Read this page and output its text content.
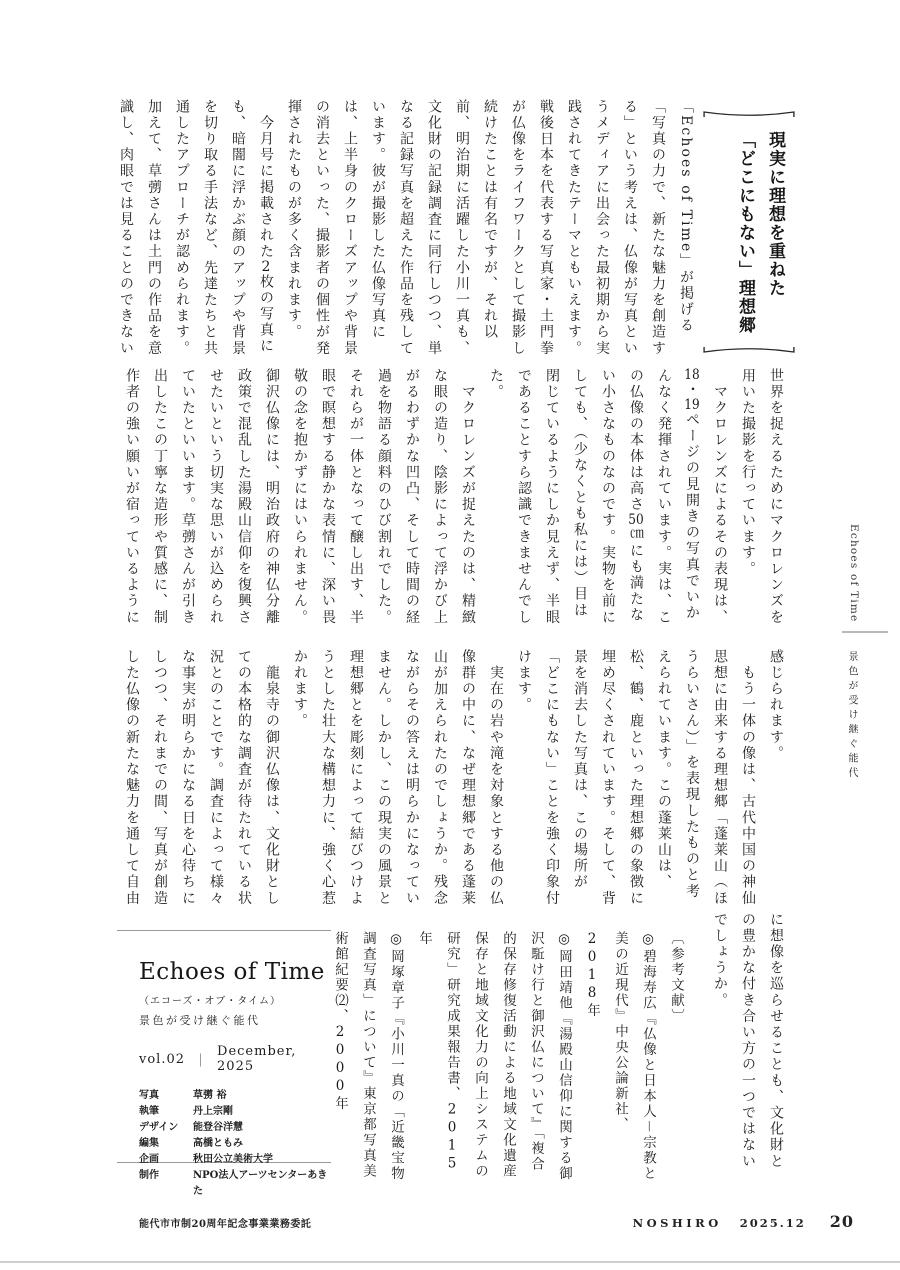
現実に理想を重ねた

「どこにもない」理想郷

「Echoes of Time」が掲げる「写真の力で、新たな魅力を創造する」という考えは、仏像が写真というメディアに出会った最初期から実践されてきたテーマともいえます。戦後日本を代表する写真家・土門拳が仏像をライフワークとして撮影し続けたことは有名ですが、それ以前、明治期に活躍した小川一真も、文化財の記録調査に同行しつつ、単なる記録写真を超えた作品を残しています。彼が撮影した仏像写真には、上半身のクローズアップや背景の消去といった、撮影者の個性が発揮されたものが多く含まれます。

　今月号に掲載された2枚の写真にも、暗闇に浮かぶ顔のアップや背景を切り取る手法など、先達たちと共通したアプローチが認められます。加えて、草彅さんは土門の作品を意識し、肉眼では見ることのできない

世界を捉えるためにマクロレンズを用いた撮影を行っています。

　マクロレンズによるその表現は、18・19ページの見開きの写真でいかんなく発揮されています。実は、この仏像の本体は高さ50㎝にも満たない小さなものなのです。実物を前にしても、（少なくとも私には）目は閉じているようにしか見えず、半眼であることすら認識できませんでした。

　マクロレンズが捉えたのは、精緻な眼の造り、陰影によって浮かび上がるわずかな凹凸、そして時間の経過を物語る顔料のひび割れでした。それらが一体となって醸し出す、半眼で瞑想する静かな表情に、深い畏敬の念を抱かずにはいられません。御沢仏像には、明治政府の神仏分離政策で混乱した湯殿山信仰を復興させたいという切実な思いが込められていたといいます。草彅さんが引き出したこの丁寧な造形や質感に、制作者の強い願いが宿っているように

感じられます。

　もう一体の像は、古代中国の神仙思想に由来する理想郷「蓬莱山（ほうらいさん）」を表現したものと考えられています。この蓬莱山は、松、鶴、鹿といった理想郷の象徴に埋め尽くされています。そして、背景を消去した写真は、この場所が「どこにもない」ことを強く印象付けます。

　実在の岩や滝を対象とする他の仏像群の中に、なぜ理想郷である蓬莱山が加えられたのでしょうか。残念ながらその答えは明らかになっていません。しかし、この現実の風景と理想郷とを彫刻によって結びつけようとした壮大な構想力に、強く心惹かれます。

　龍泉寺の御沢仏像は、文化財としての本格的な調査が待たれている状況とのことです。調査によって様々な事実が明らかになる日を心待ちにしつつ、それまでの間、写真が創造した仏像の新たな魅力を通して自由

に想像を巡らせることも、文化財との豊かな付き合い方の一つではないでしょうか。

〔参考文献〕

◎碧海寿広『仏像と日本人－宗教と美の近現代』中央公論新社、2018年

◎岡田靖他『湯殿山信仰に関する御沢駈け行と御沢仏について』「複合的保存修復活動による地域文化遺産保存と地域文化力の向上システムの研究」研究成果報告書、2015年

◎岡塚章子『小川一真の「近畿宝物調査写真」について』東京都写真美術館紀要⑵、2000年

Echoes of Time
景色が受け継ぐ能代
Echoes of Time
（エコーズ・オブ・タイム）
景色が受け継ぐ能代
vol.02 ｜
December, 2025
写真	草彅 裕
執筆	丹上宗剛
デザイン	能登谷洋慧
編集	高橋ともみ
企画	秋田公立美術大学
制作	NPO法人アーツセンターあきた
能代市市制20周年記念事業業務委託	NOSHIRO 2025.12 20
